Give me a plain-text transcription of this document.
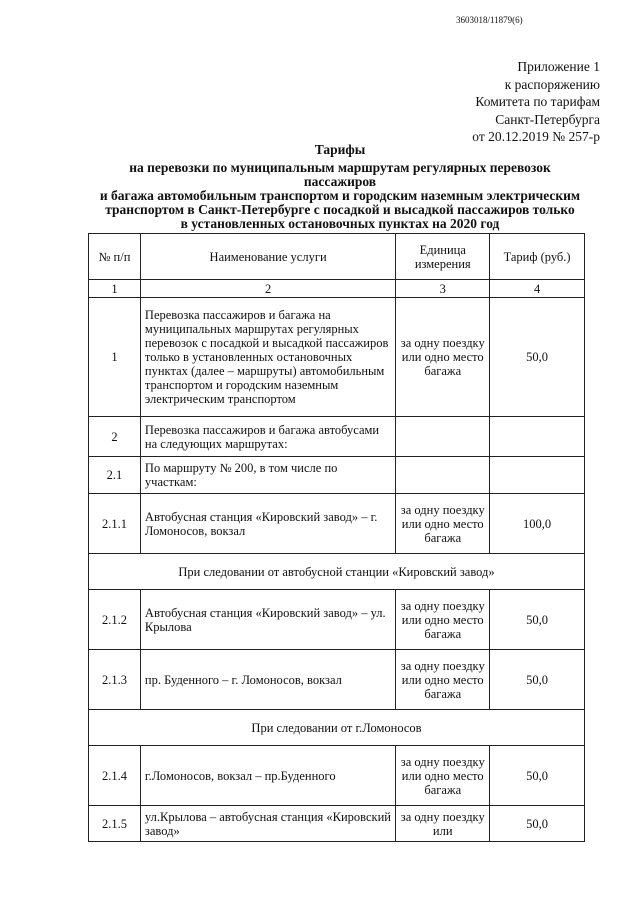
3603018/11879(6)
Приложение 1
к распоряжению
Комитета по тарифам
Санкт-Петербурга
от 20.12.2019 № 257-р
Тарифы
на перевозки по муниципальным маршрутам регулярных перевозок пассажиров
и багажа автомобильным транспортом и городским наземным электрическим
транспортом в Санкт-Петербурге с посадкой и высадкой пассажиров только
в установленных остановочных пунктах на 2020 год
№ п/п	Наименование услуги	Единица измерения	Тариф (руб.)
1	2	3	4
1	Перевозка пассажиров и багажа на муниципальных маршрутах регулярных перевозок с посадкой и высадкой пассажиров только в установленных остановочных пунктах (далее – маршруты) автомобильным транспортом и городским наземным электрическим транспортом	за одну поездку или одно место багажа	50,0
2	Перевозка пассажиров и багажа автобусами на следующих маршрутах:		
2.1	По маршруту № 200, в том числе по участкам:		
2.1.1	Автобусная станция «Кировский завод» – г. Ломоносов, вокзал	за одну поездку или одно место багажа	100,0
При следовании от автобусной станции «Кировский завод»			
2.1.2	Автобусная станция «Кировский завод» – ул. Крылова	за одну поездку или одно место багажа	50,0
2.1.3	пр. Буденного – г. Ломоносов, вокзал	за одну поездку или одно место багажа	50,0
При следовании от г.Ломоносов			
2.1.4	г.Ломоносов, вокзал – пр.Буденного	за одну поездку или одно место багажа	50,0
2.1.5	ул.Крылова – автобусная станция «Кировский завод»	за одну поездку или	50,0
